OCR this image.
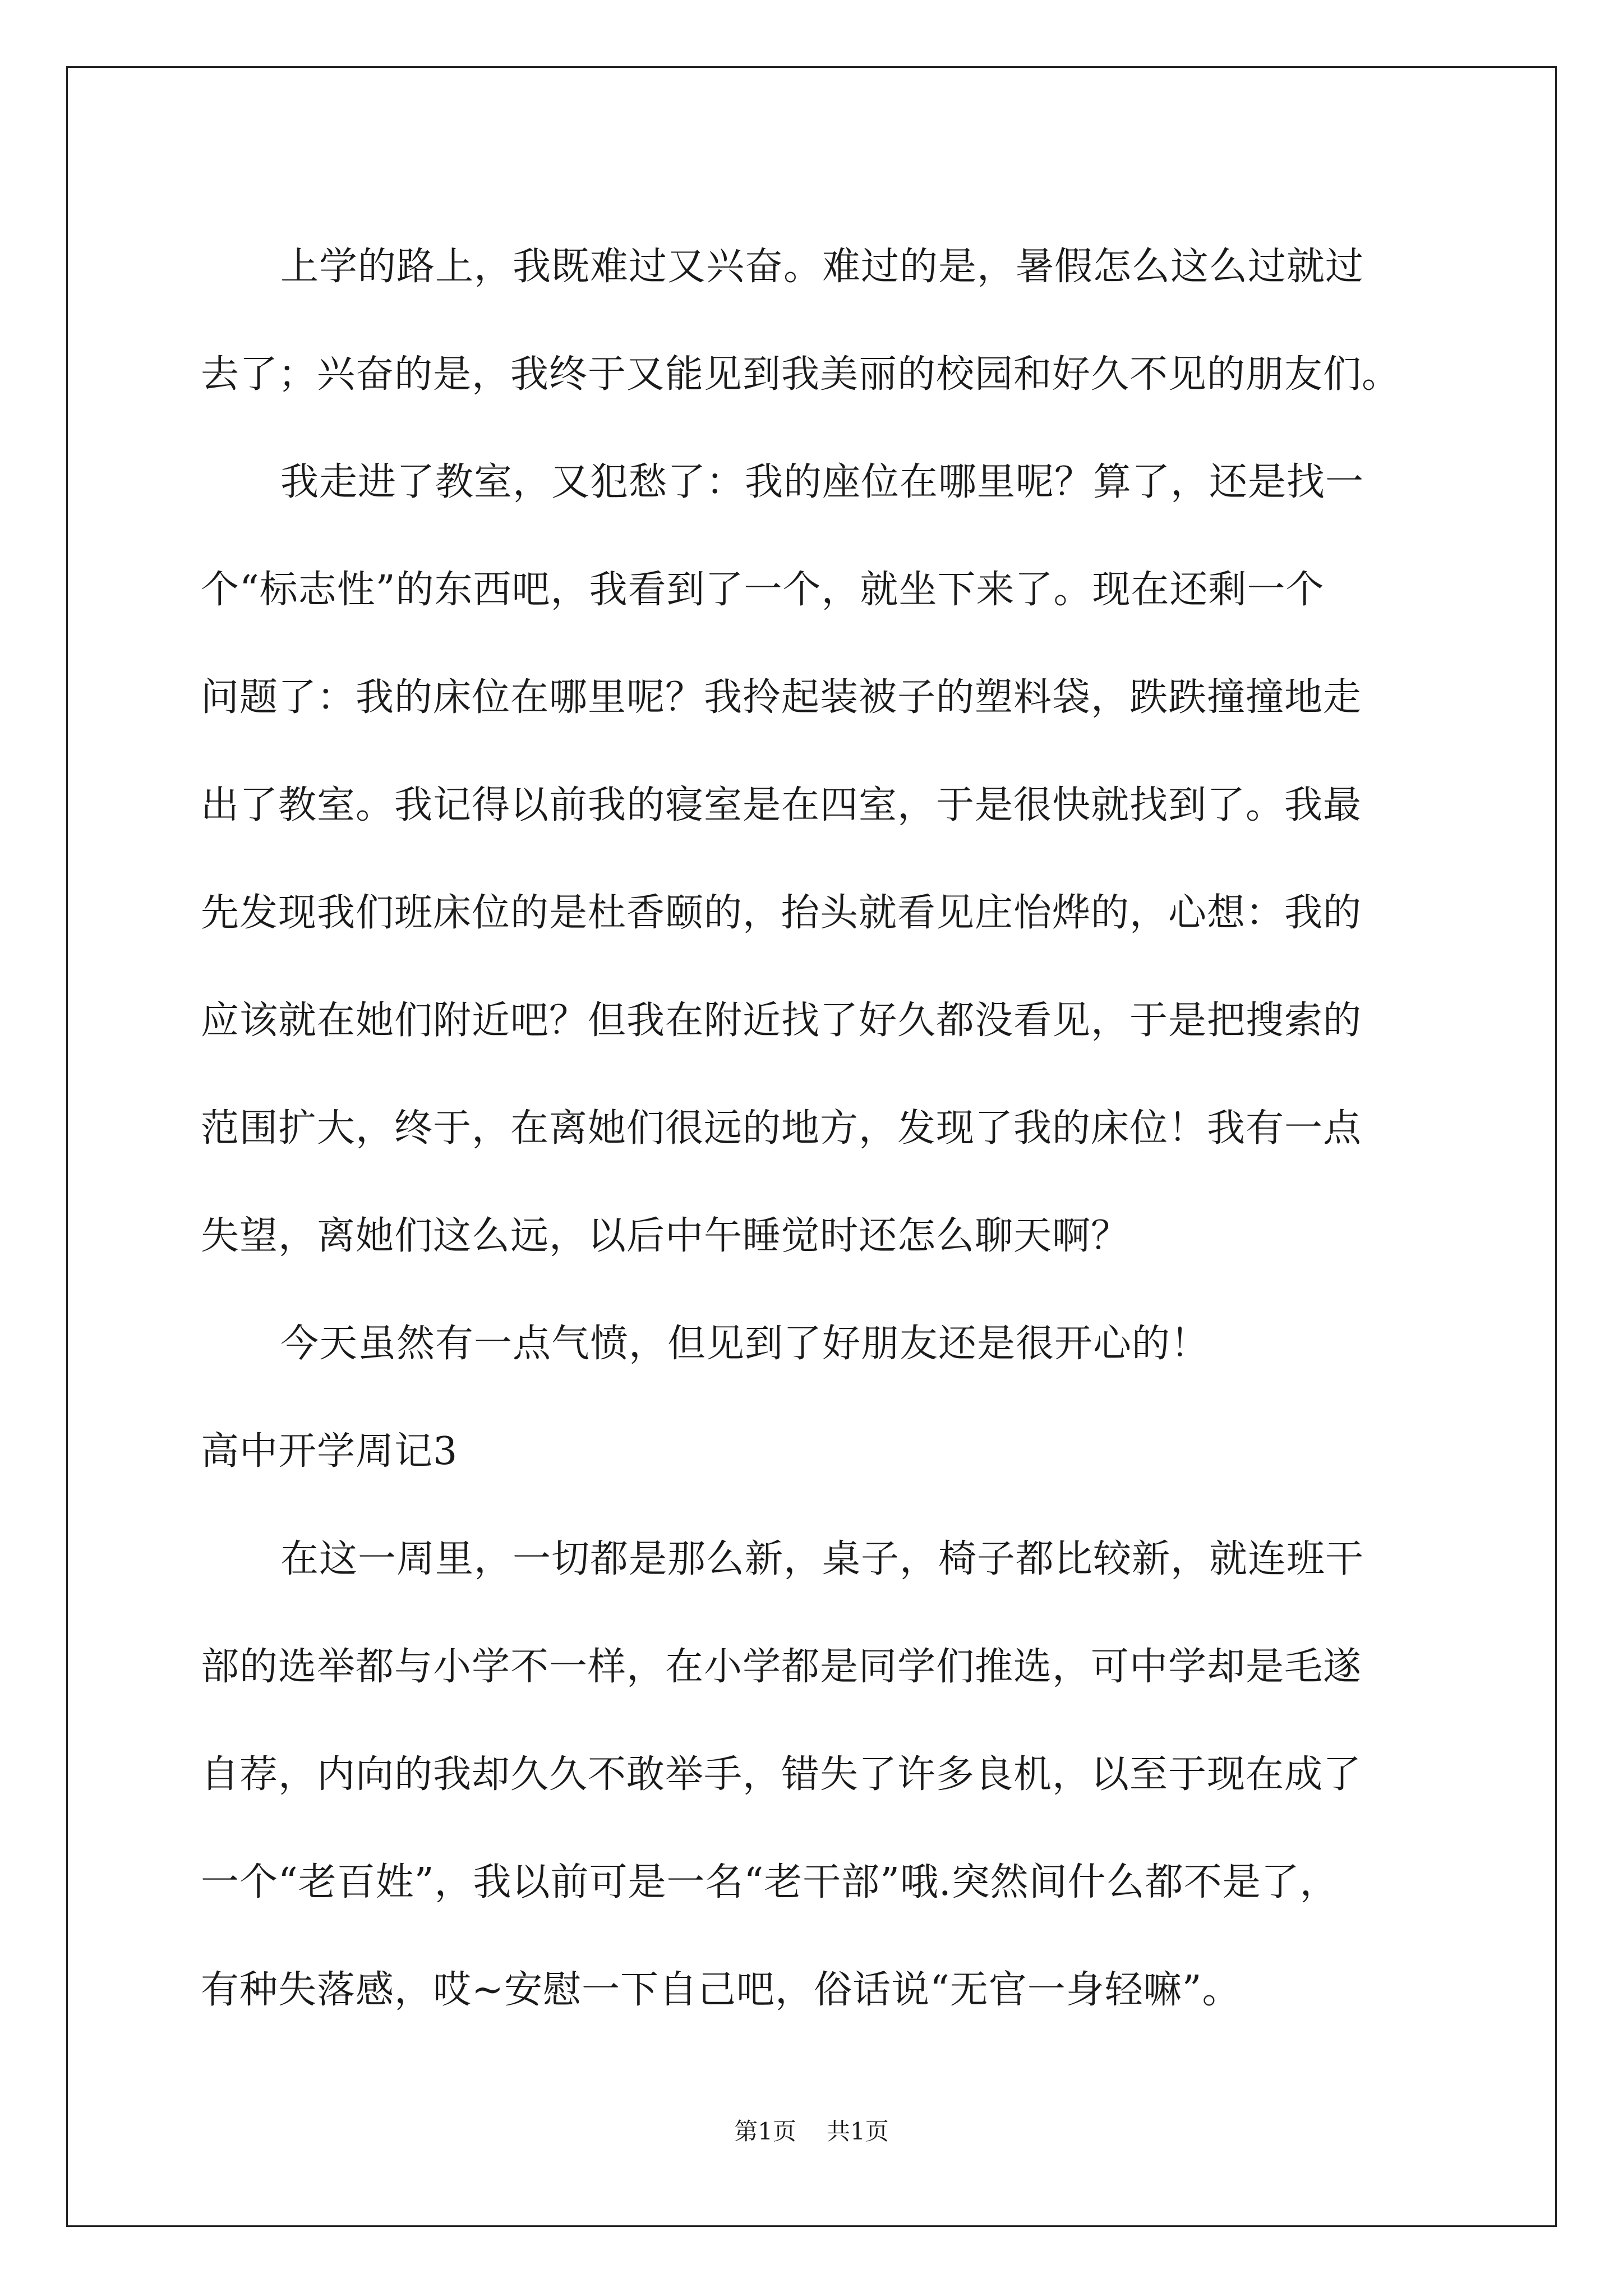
上学的路上，我既难过又兴奋。难过的是，暑假怎么这么过就过
去了；兴奋的是，我终于又能见到我美丽的校园和好久不见的朋友们。
我走进了教室，又犯愁了：我的座位在哪里呢？算了，还是找一
个“标志性”的东西吧，我看到了一个，就坐下来了。现在还剩一个
问题了：我的床位在哪里呢？我拎起装被子的塑料袋，跌跌撞撞地走
出了教室。我记得以前我的寝室是在四室，于是很快就找到了。我最
先发现我们班床位的是杜香颐的，抬头就看见庄怡烨的，心想：我的
应该就在她们附近吧？但我在附近找了好久都没看见，于是把搜索的
范围扩大，终于，在离她们很远的地方，发现了我的床位！我有一点
失望，离她们这么远，以后中午睡觉时还怎么聊天啊？
今天虽然有一点气愤，但见到了好朋友还是很开心的！
高中开学周记3
在这一周里，一切都是那么新，桌子，椅子都比较新，就连班干
部的选举都与小学不一样，在小学都是同学们推选，可中学却是毛遂
自荐，内向的我却久久不敢举手，错失了许多良机，以至于现在成了
一个“老百姓”，我以前可是一名“老干部”哦.突然间什么都不是了，
有种失落感，哎~安慰一下自己吧，俗话说“无官一身轻嘛”。
第1页 共1页
